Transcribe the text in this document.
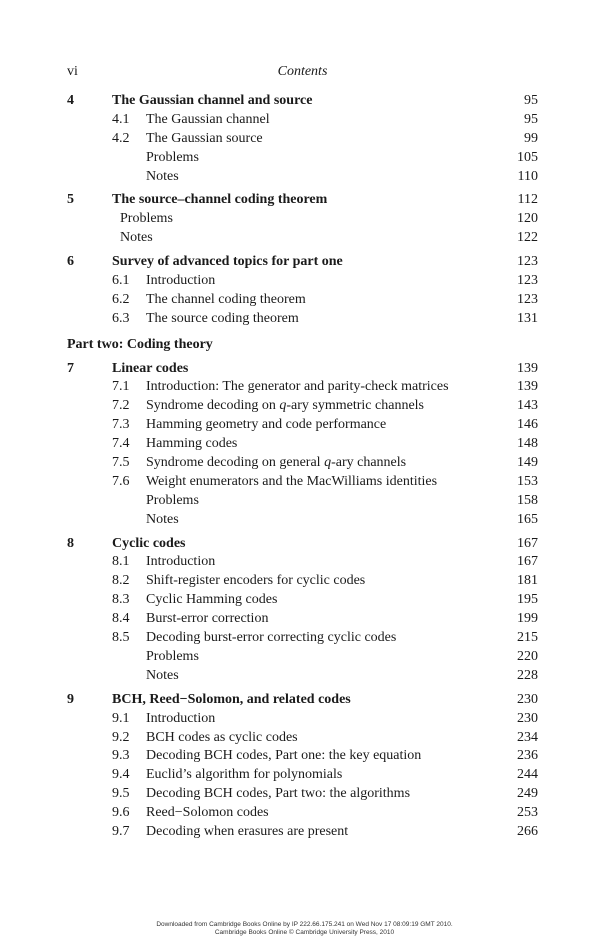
vi	Contents
4	The Gaussian channel and source	95
4.1 The Gaussian channel	95
4.2 The Gaussian source	99
Problems	105
Notes	110
5	The source–channel coding theorem	112
Problems	120
Notes	122
6	Survey of advanced topics for part one	123
6.1 Introduction	123
6.2 The channel coding theorem	123
6.3 The source coding theorem	131
Part two: Coding theory
7	Linear codes	139
7.1 Introduction: The generator and parity-check matrices	139
7.2 Syndrome decoding on q-ary symmetric channels	143
7.3 Hamming geometry and code performance	146
7.4 Hamming codes	148
7.5 Syndrome decoding on general q-ary channels	149
7.6 Weight enumerators and the MacWilliams identities	153
Problems	158
Notes	165
8	Cyclic codes	167
8.1 Introduction	167
8.2 Shift-register encoders for cyclic codes	181
8.3 Cyclic Hamming codes	195
8.4 Burst-error correction	199
8.5 Decoding burst-error correcting cyclic codes	215
Problems	220
Notes	228
9	BCH, Reed−Solomon, and related codes	230
9.1 Introduction	230
9.2 BCH codes as cyclic codes	234
9.3 Decoding BCH codes, Part one: the key equation	236
9.4 Euclid’s algorithm for polynomials	244
9.5 Decoding BCH codes, Part two: the algorithms	249
9.6 Reed−Solomon codes	253
9.7 Decoding when erasures are present	266
Downloaded from Cambridge Books Online by IP 222.66.175.241 on Wed Nov 17 08:09:19 GMT 2010.
Cambridge Books Online © Cambridge University Press, 2010
